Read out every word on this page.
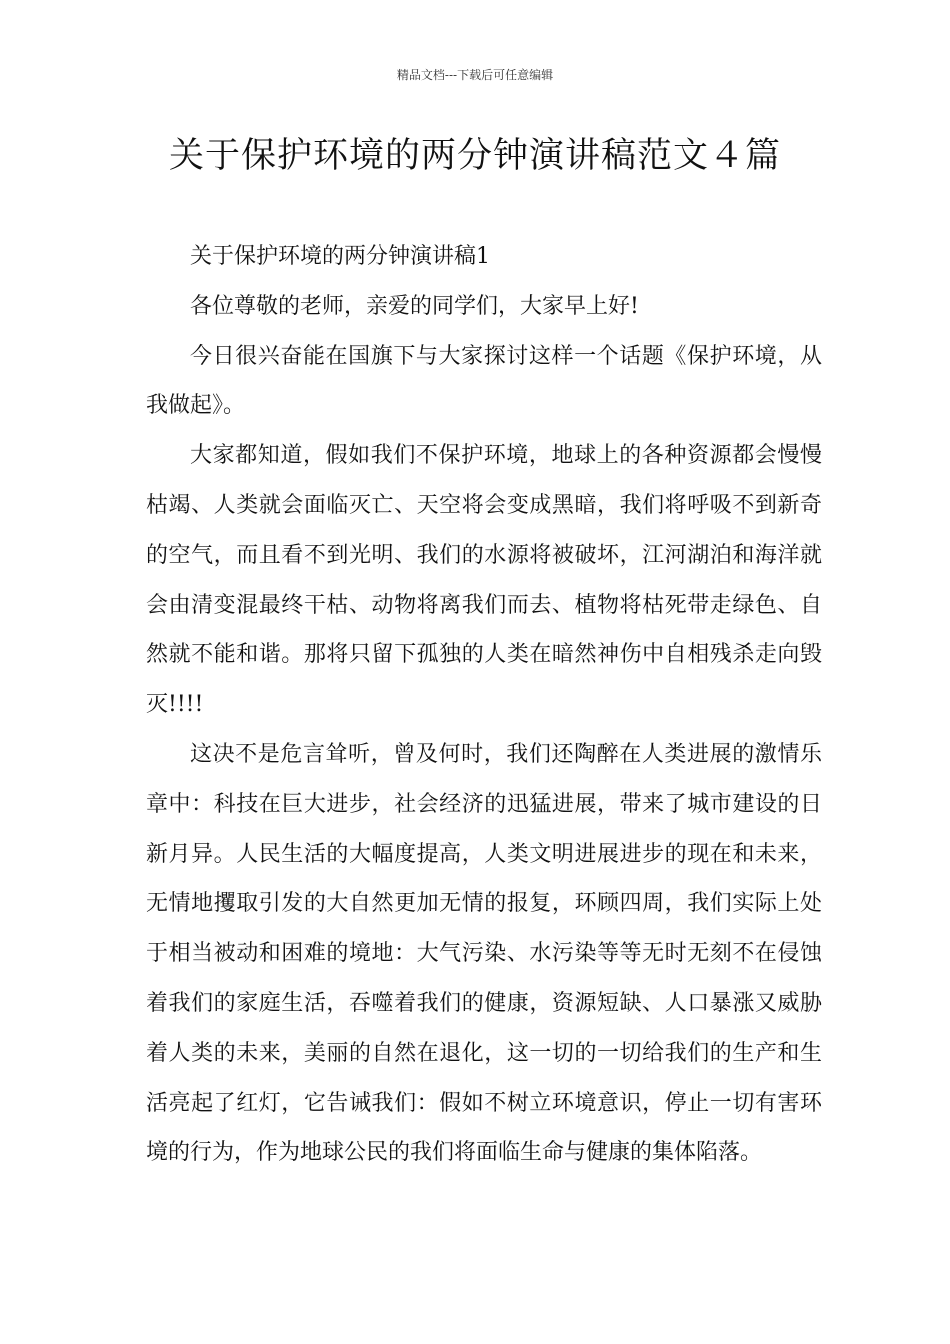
精品文档---下载后可任意编辑
关于保护环境的两分钟演讲稿范文４篇

关于保护环境的两分钟演讲稿1

各位尊敬的老师，亲爱的同学们，大家早上好!

今日很兴奋能在国旗下与大家探讨这样一个话题《保护环境，从我做起》。

大家都知道，假如我们不保护环境，地球上的各种资源都会慢慢枯竭、人类就会面临灭亡、天空将会变成黑暗，我们将呼吸不到新奇的空气，而且看不到光明、我们的水源将被破坏，江河湖泊和海洋就会由清变混最终干枯、动物将离我们而去、植物将枯死带走绿色、自然就不能和谐。那将只留下孤独的人类在暗然神伤中自相残杀走向毁灭!!!!

这决不是危言耸听，曾及何时，我们还陶醉在人类进展的激情乐章中：科技在巨大进步，社会经济的迅猛进展，带来了城市建设的日新月异。人民生活的大幅度提高，人类文明进展进步的现在和未来，无情地攫取引发的大自然更加无情的报复，环顾四周，我们实际上处于相当被动和困难的境地：大气污染、水污染等等无时无刻不在侵蚀着我们的家庭生活，吞噬着我们的健康，资源短缺、人口暴涨又威胁着人类的未来，美丽的自然在退化，这一切的一切给我们的生产和生活亮起了红灯，它告诫我们：假如不树立环境意识，停止一切有害环境的行为，作为地球公民的我们将面临生命与健康的集体陷落。
